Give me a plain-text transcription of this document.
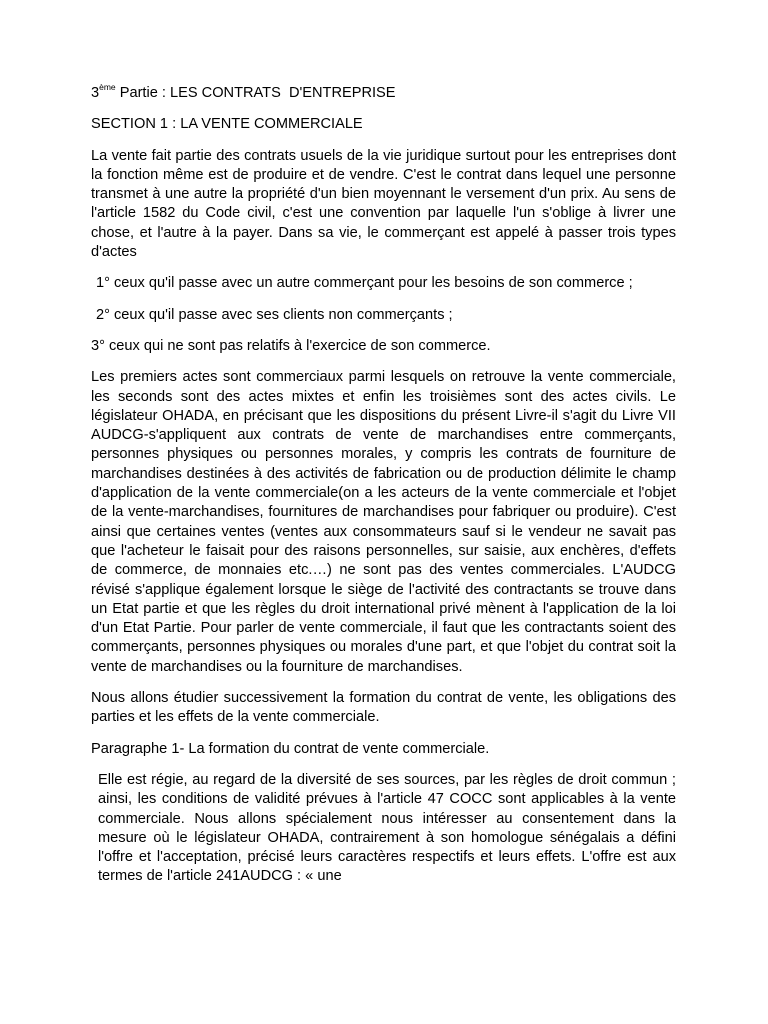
3ème Partie : LES CONTRATS  D'ENTREPRISE

SECTION 1 : LA VENTE COMMERCIALE

La vente fait partie des contrats usuels de la vie juridique surtout pour les entreprises dont la fonction même est de produire et de vendre. C'est le contrat dans lequel une personne transmet à une autre la propriété d'un bien moyennant le versement d'un prix. Au sens de l'article 1582 du Code civil, c'est une convention par laquelle l'un s'oblige à livrer une chose, et l'autre à la payer. Dans sa vie, le commerçant est appelé à passer trois types d'actes

1° ceux qu'il passe avec un autre commerçant pour les besoins de son commerce ;

2° ceux qu'il passe avec ses clients non commerçants ;

3° ceux qui ne sont pas relatifs à l'exercice de son commerce.

Les premiers actes sont commerciaux parmi lesquels on retrouve la vente commerciale, les seconds sont des actes mixtes et enfin les troisièmes sont des actes civils. Le législateur OHADA, en précisant que les dispositions du présent Livre-il s'agit du Livre VII AUDCG-s'appliquent aux contrats de vente de marchandises entre commerçants, personnes physiques ou personnes morales, y compris les contrats de fourniture de marchandises destinées à des activités de fabrication ou de production délimite le champ d'application de la vente commerciale(on a les acteurs de la vente commerciale et l'objet de la vente-marchandises, fournitures de marchandises pour fabriquer ou produire). C'est ainsi que certaines ventes (ventes aux consommateurs sauf si le vendeur ne savait pas que l'acheteur le faisait pour des raisons personnelles, sur saisie, aux enchères, d'effets de commerce, de monnaies etc.…) ne sont pas des ventes commerciales. L'AUDCG révisé s'applique également lorsque le siège de l'activité des contractants se trouve dans un Etat partie et que les règles du droit international privé mènent à l'application de la loi d'un Etat Partie. Pour parler de vente commerciale, il faut que les contractants soient des commerçants, personnes physiques ou morales d'une part, et que l'objet du contrat soit la vente de marchandises ou la fourniture de marchandises.

Nous allons étudier successivement la formation du contrat de vente, les obligations des parties et les effets de la vente commerciale.

Paragraphe 1- La formation du contrat de vente commerciale.

Elle est régie, au regard de la diversité de ses sources, par les règles de droit commun ; ainsi, les conditions de validité prévues à l'article 47 COCC sont applicables à la vente commerciale. Nous allons spécialement nous intéresser au consentement dans la mesure où le législateur OHADA, contrairement à son homologue sénégalais a défini l'offre et l'acceptation, précisé leurs caractères respectifs et leurs effets. L'offre est aux termes de l'article 241AUDCG : « une
